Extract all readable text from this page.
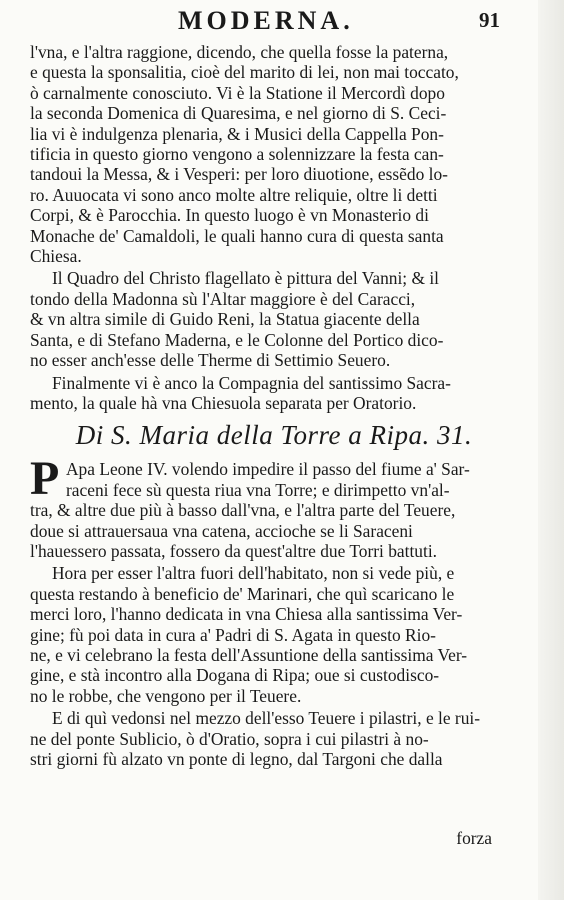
MODERNA.	91
l'vna, e l'altra raggione, dicendo, che quella fosse la paterna,
e questa la sponsalitia, cioè del marito di lei, non mai toccato,
ò carnalmente conosciuto. Vi è la Statione il Mercordì dopo
la seconda Domenica di Quaresima, e nel giorno di S. Ceci-
lia vi è indulgenza plenaria, & i Musici della Cappella Pon-
tificia in questo giorno vengono a solennizzare la festa can-
tandoui la Messa, & i Vesperi: per loro diuotione, essẽdo lo-
ro. Auuocata vi sono anco molte altre reliquie, oltre li detti
Corpi, & è Parocchia. In questo luogo è vn Monasterio di
Monache de' Camaldoli, le quali hanno cura di questa santa
Chiesa.
Il Quadro del Christo flagellato è pittura del Vanni; & il
tondo della Madonna sù l'Altar maggiore è del Caracci,
& vn altra simile di Guido Reni, la Statua giacente della
Santa, e di Stefano Maderna, e le Colonne del Portico dico-
no esser anch'esse delle Therme di Settimio Seuero.
Finalmente vi è anco la Compagnia del santissimo Sacra-
mento, la quale hà vna Chiesuola separata per Oratorio.
Di S. Maria della Torre a Ripa. 31.
P Apa Leone IV. volendo impedire il passo del fiume a' Sar-
raceni fece sù questa riua vna Torre; e dirimpetto vn'al-
tra, & altre due più à basso dall'vna, e l'altra parte del Teuere,
doue si attrauersaua vna catena, accioche se li Saraceni
l'hauessero passata, fossero da quest'altre due Torri battuti.
Hora per esser l'altra fuori dell'habitato, non si vede più, e
questa restando à beneficio de' Marinari, che quì scaricano le
merci loro, l'hanno dedicata in vna Chiesa alla santissima Ver-
gine; fù poi data in cura a' Padri di S. Agata in questo Rio-
ne, e vi celebrano la festa dell'Assuntione della santissima Ver-
gine, e stà incontro alla Dogana di Ripa; oue si custodisco-
no le robbe, che vengono per il Teuere.
E di quì vedonsi nel mezzo dell'esso Teuere i pilastri, e le rui-
ne del ponte Sublicio, ò d'Oratio, sopra i cui pilastri à no-
stri giorni fù alzato vn ponte di legno, dal Targoni che dalla
forza
